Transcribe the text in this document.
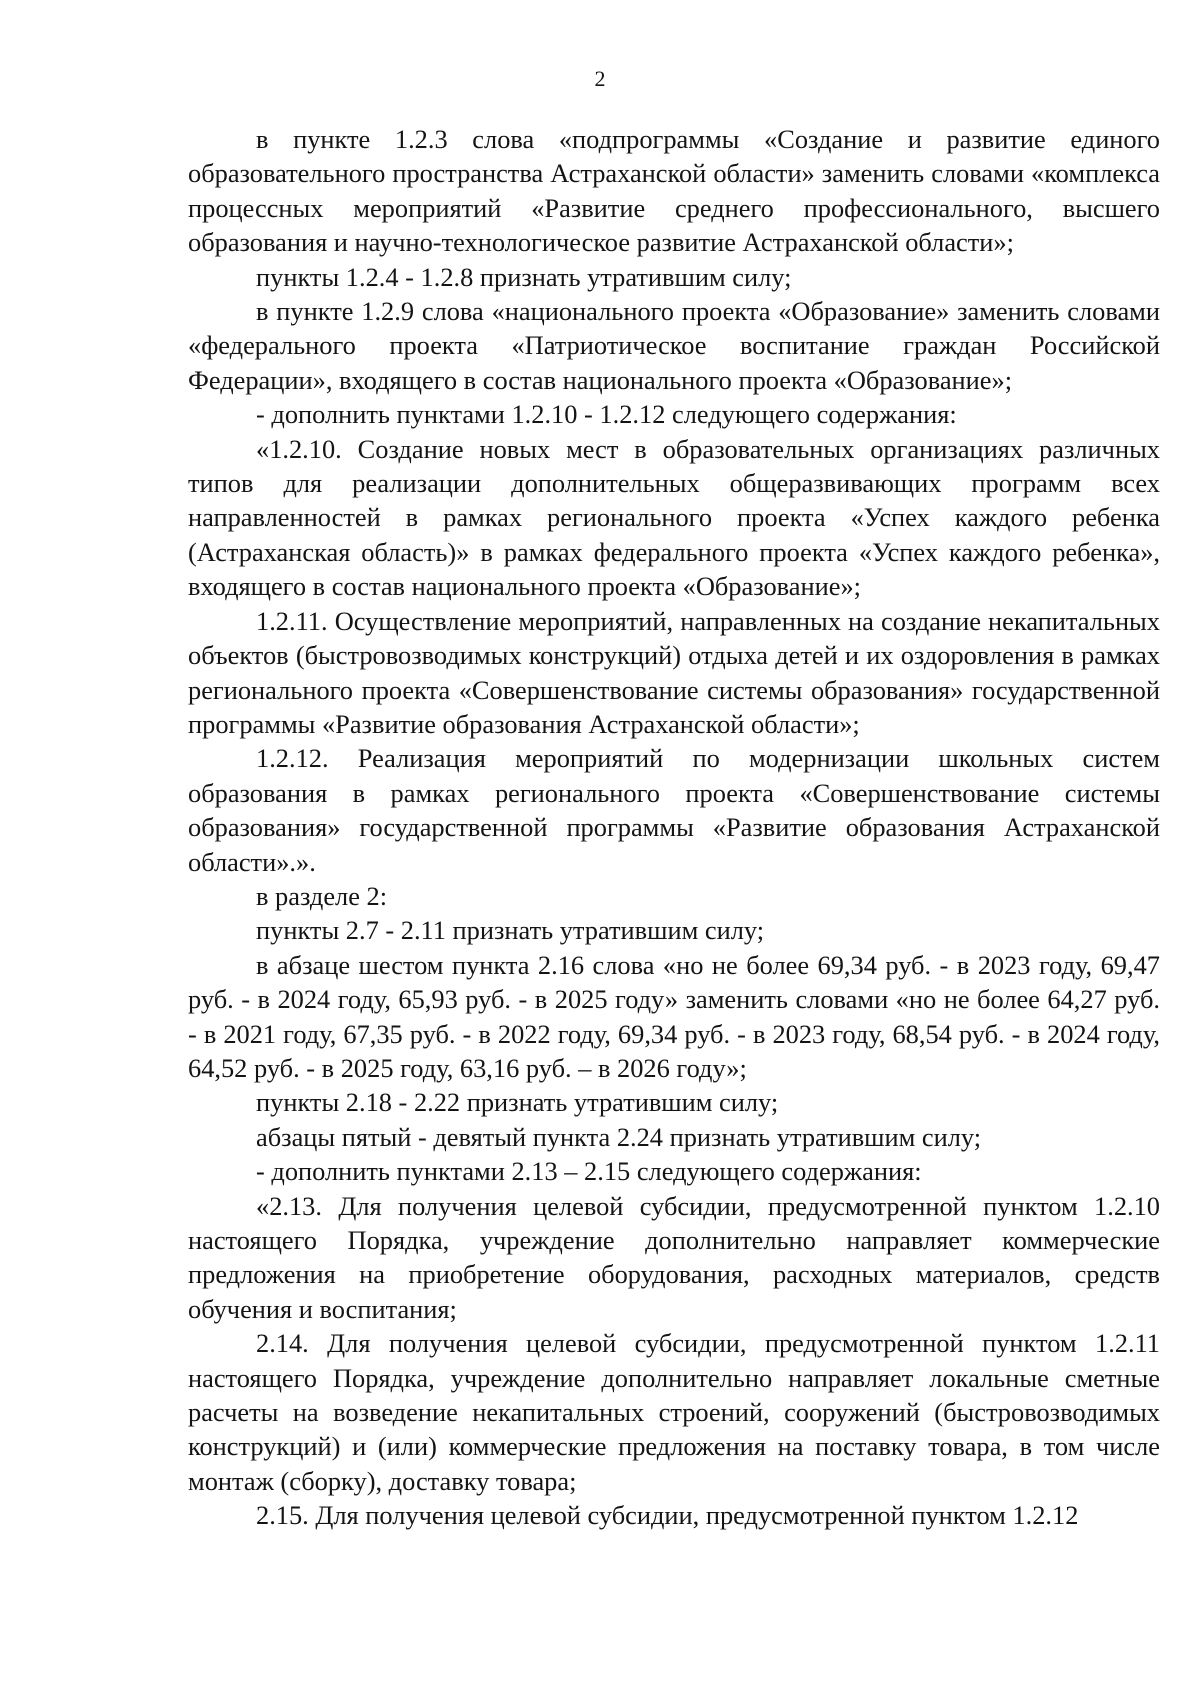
2

в пункте 1.2.3 слова «подпрограммы «Создание и развитие единого образовательного пространства Астраханской области» заменить словами «комплекса процессных мероприятий «Развитие среднего профессионального, высшего образования и научно-технологическое развитие Астраханской области»;

пункты 1.2.4 - 1.2.8 признать утратившим силу;

в пункте 1.2.9 слова «национального проекта «Образование» заменить словами «федерального проекта «Патриотическое воспитание граждан Российской Федерации», входящего в состав национального проекта «Образование»;

- дополнить пунктами 1.2.10 - 1.2.12 следующего содержания:

«1.2.10. Создание новых мест в образовательных организациях различных типов для реализации дополнительных общеразвивающих программ всех направленностей в рамках регионального проекта «Успех каждого ребенка (Астраханская область)» в рамках федерального проекта «Успех каждого ребенка», входящего в состав национального проекта «Образование»;

1.2.11. Осуществление мероприятий, направленных на создание некапитальных объектов (быстровозводимых конструкций) отдыха детей и их оздоровления в рамках регионального проекта «Совершенствование системы образования» государственной программы «Развитие образования Астраханской области»;

1.2.12. Реализация мероприятий по модернизации школьных систем образования в рамках регионального проекта «Совершенствование системы образования» государственной программы «Развитие образования Астраханской области».».

в разделе 2:

пункты 2.7 - 2.11 признать утратившим силу;

в абзаце шестом пункта 2.16 слова «но не более 69,34 руб. - в 2023 году, 69,47 руб. - в 2024 году, 65,93 руб. - в 2025 году» заменить словами «но не более 64,27 руб. - в 2021 году, 67,35 руб. - в 2022 году, 69,34 руб. - в 2023 году, 68,54 руб. - в 2024 году, 64,52 руб. - в 2025 году, 63,16 руб. – в 2026 году»;

пункты 2.18 - 2.22 признать утратившим силу;

абзацы пятый - девятый пункта 2.24 признать утратившим силу;

- дополнить пунктами 2.13 – 2.15 следующего содержания:

«2.13. Для получения целевой субсидии, предусмотренной пунктом 1.2.10 настоящего Порядка, учреждение дополнительно направляет коммерческие предложения на приобретение оборудования, расходных материалов, средств обучения и воспитания;

2.14. Для получения целевой субсидии, предусмотренной пунктом 1.2.11 настоящего Порядка, учреждение дополнительно направляет локальные сметные расчеты на возведение некапитальных строений, сооружений (быстровозводимых конструкций) и (или) коммерческие предложения на поставку товара, в том числе монтаж (сборку), доставку товара;

2.15. Для получения целевой субсидии, предусмотренной пунктом 1.2.12
